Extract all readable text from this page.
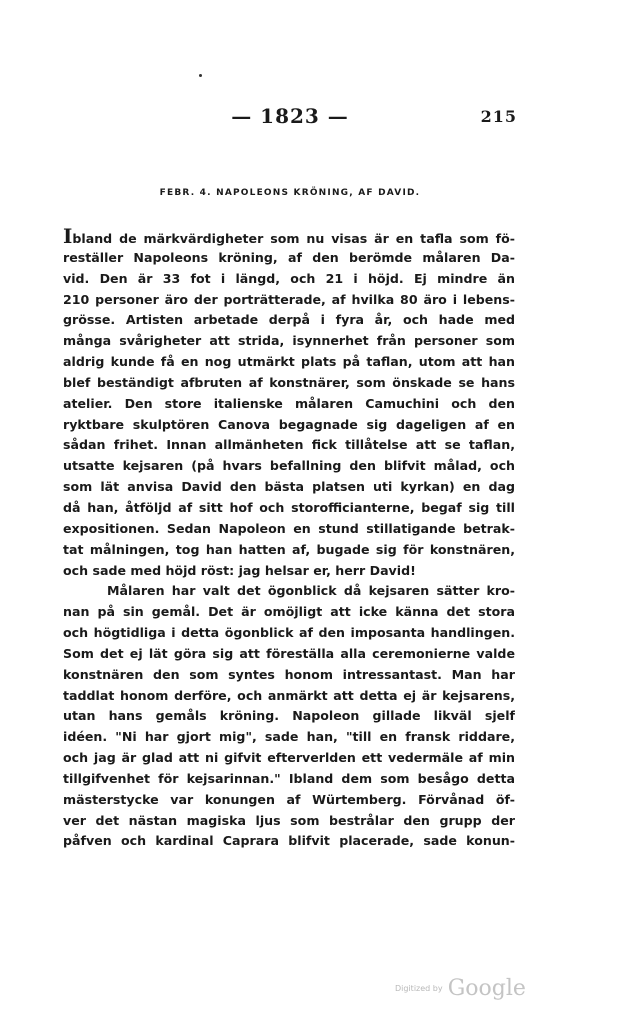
— 1823 —	215
FEBR. 4. NAPOLEONS KRÖNING, AF DAVID.
Ibland de märkvärdigheter som nu visas är en tafla som fö-
reställer Napoleons kröning, af den berömde målaren Da-
vid. Den är 33 fot i längd, och 21 i höjd. Ej mindre än
210 personer äro der porträtterade, af hvilka 80 äro i lebens-
grösse. Artisten arbetade derpå i fyra år, och hade med
många svårigheter att strida, isynnerhet från personer som
aldrig kunde få en nog utmärkt plats på taflan, utom att han
blef beständigt afbruten af konstnärer, som önskade se hans
atelier. Den store italienske målaren Camuchini och den
ryktbare skulptören Canova begagnade sig dageligen af en
sådan frihet. Innan allmänheten fick tillåtelse att se taflan,
utsatte kejsaren (på hvars befallning den blifvit målad, och
som lät anvisa David den bästa platsen uti kyrkan) en dag
då han, åtföljd af sitt hof och storofficianterne, begaf sig till
expositionen. Sedan Napoleon en stund stillatigande betrak-
tat målningen, tog han hatten af, bugade sig för konstnären,
och sade med höjd röst: jag helsar er, herr David!
Målaren har valt det ögonblick då kejsaren sätter kro-
nan på sin gemål. Det är omöjligt att icke känna det stora
och högtidliga i detta ögonblick af den imposanta handlingen.
Som det ej lät göra sig att föreställa alla ceremonierne valde
konstnären den som syntes honom intressantast. Man har
taddlat honom derföre, och anmärkt att detta ej är kejsarens,
utan hans gemåls kröning. Napoleon gillade likväl sjelf
idéen. "Ni har gjort mig", sade han, "till en fransk riddare,
och jag är glad att ni gifvit efterverlden ett vedermäle af min
tillgifvenhet för kejsarinnan." Ibland dem som besågo detta
mästerstycke var konungen af Würtemberg. Förvånad öf-
ver det nästan magiska ljus som bestrålar den grupp der
påfven och kardinal Caprara blifvit placerade, sade konun-
Digitized by Google
